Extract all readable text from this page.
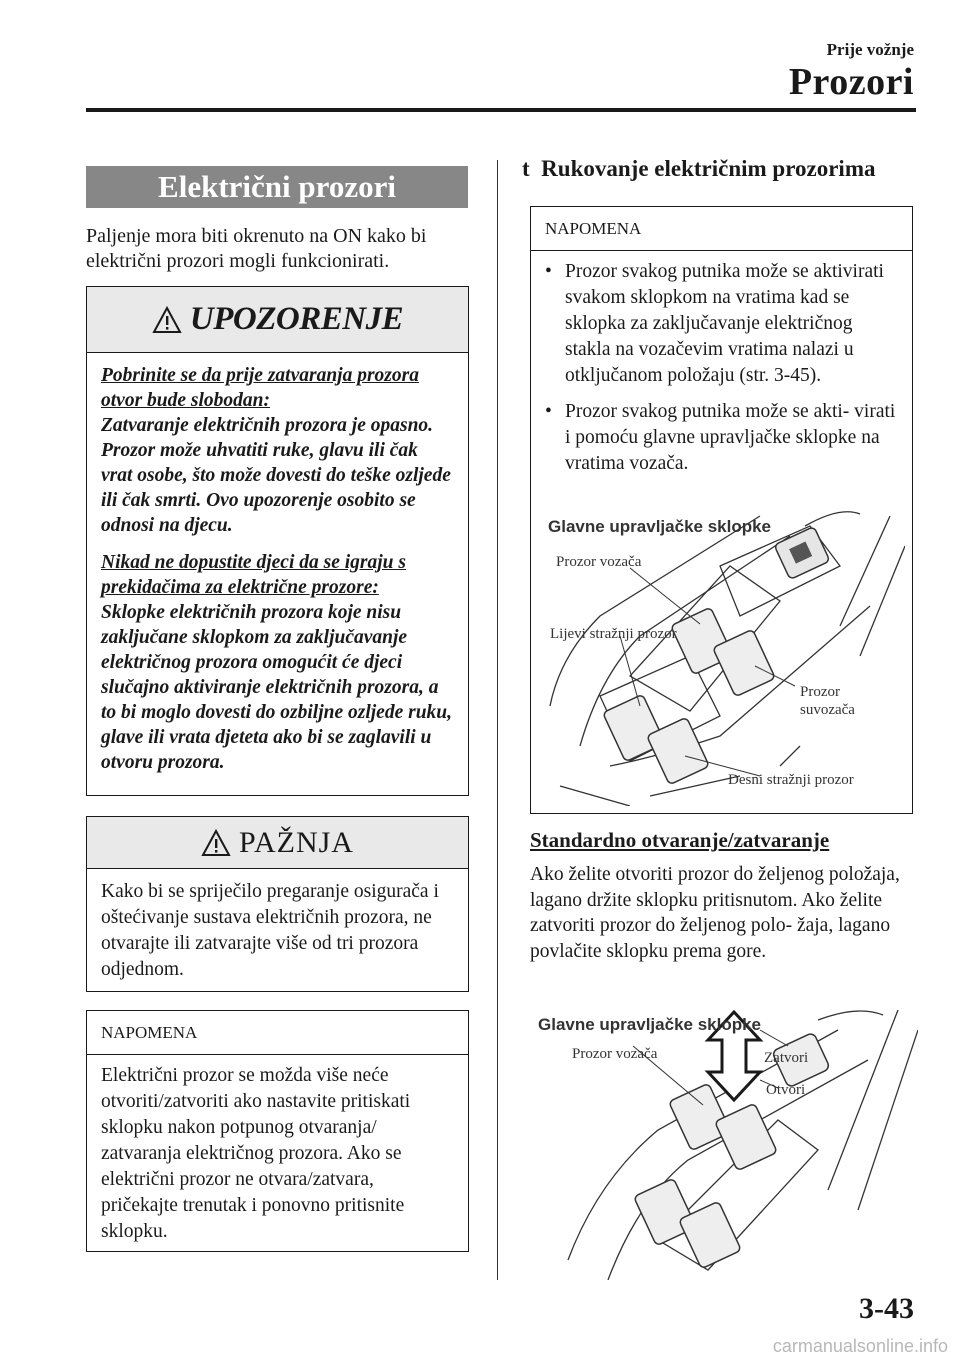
Prije vožnje
Prozori
Električni prozori
Paljenje mora biti okrenuto na ON kako bi električni prozori mogli funkcionirati.
UPOZORENJE
Pobrinite se da prije zatvaranja prozora otvor bude slobodan:
Zatvaranje električnih prozora je opasno. Prozor može uhvatiti ruke, glavu ili čak vrat osobe, što može dovesti do teške ozljede ili čak smrti. Ovo upozorenje osobito se odnosi na djecu.
Nikad ne dopustite djeci da se igraju s prekidačima za električne prozore:
Sklopke električnih prozora koje nisu zaključane sklopkom za zaključavanje električnog prozora omogućit će djeci slučajno aktiviranje električnih prozora, a to bi moglo dovesti do ozbiljne ozljede ruku, glave ili vrata djeteta ako bi se zaglavili u otvoru prozora.
PAŽNJA
Kako bi se spriječilo pregaranje osigurača i oštećivanje sustava električnih prozora, ne otvarajte ili zatvarajte više od tri prozora odjednom.
NAPOMENA
Električni prozor se možda više neće otvoriti/zatvoriti ako nastavite pritiskati sklopku nakon potpunog otvaranja/ zatvaranja električnog prozora. Ako se električni prozor ne otvara/zatvara, pričekajte trenutak i ponovno pritisnite sklopku.
t Rukovanje električnim prozorima
NAPOMENA
• Prozor svakog putnika može se aktivirati svakom sklopkom na vratima kad se sklopka za zaključavanje električnog stakla na vozačevim vratima nalazi u otključanom položaju (str. 3-45).
• Prozor svakog putnika može se akti- virati i pomoću glavne upravljačke sklopke na vratima vozača.
Glavne upravljačke sklopke
Prozor vozača
Lijevi stražnji prozor
Prozor
suvozača
Desni stražnji prozor
Standardno otvaranje/zatvaranje
Ako želite otvoriti prozor do željenog položaja, lagano držite sklopku pritisnutom. Ako želite zatvoriti prozor do željenog polo- žaja, lagano povlačite sklopku prema gore.
Glavne upravljačke sklopke
Prozor vozača	Zatvori
Otvori
3-43
carmanualsonline.info
